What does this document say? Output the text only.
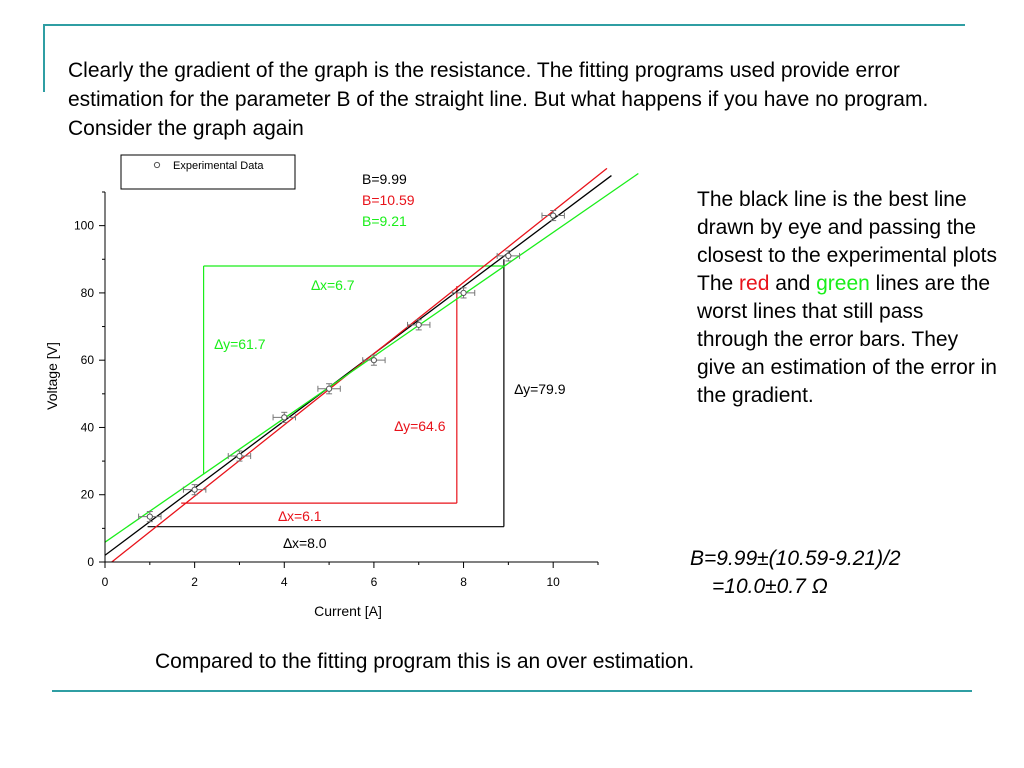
Clearly the gradient of the graph is the resistance. The fitting programs used provide error estimation for the parameter B of the straight line. But what happens if you have no program. Consider the graph again

∆x=8.0
∆y=79.9
∆x=6.1
∆y=64.6
∆x=6.7
∆y=61.7
B=9.99
B=10.59
B=9.21
0	2	4	6	8	10
0
20
40
60
80
100
Current [A]
Voltage [V]
Experimental Data

The black line is the best line drawn by eye and passing the closest to the experimental plots The red and green lines are the worst lines that still pass through the error bars. They give an estimation of the error in the gradient.

B=9.99±(10.59-9.21)/2
=10.0±0.7 Ω

Compared to the fitting program this is an over estimation.
